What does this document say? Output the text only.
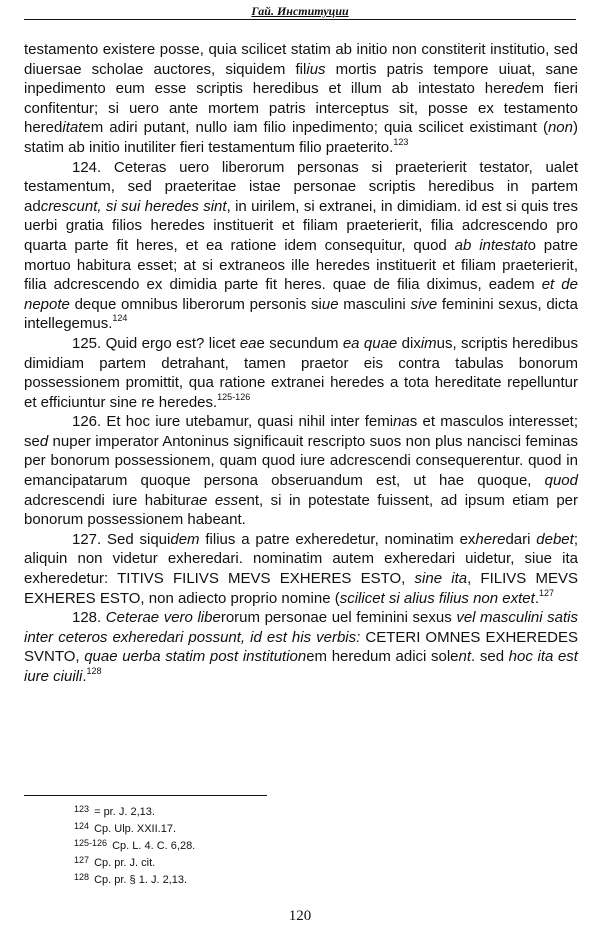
Гай. Институции

testamento existere posse, quia scilicet statim ab initio non constiterit institutio, sed diuersae scholae auctores, siquidem filius mortis patris tempore uiuat, sane inpedimento eum esse scriptis heredibus et illum ab intestato heredem fieri confitentur; si uero ante mortem patris interceptus sit, posse ex testamento hereditatem adiri putant, nullo iam filio inpedimento; quia scilicet existimant (non) statim ab initio inutiliter fieri testamentum filio praeterito.$^{123}$

124. Ceteras uero liberorum personas si praeterierit testator, ualet testamentum, sed praeteritae istae personae scriptis heredibus in partem adcrescunt, si sui heredes sint, in uirilem, si extranei, in dimidiam. id est si quis tres uerbi gratia filios heredes instituerit et filiam praeterierit, filia adcrescendo pro quarta parte fit heres, et ea ratione idem consequitur, quod ab intestato patre mortuo habitura esset; at si extraneos ille heredes instituerit et filiam praeterierit, filia adcrescendo ex dimidia parte fit heres. quae de filia diximus, eadem et de nepote deque omnibus liberorum personis siue masculini sive feminini sexus, dicta intellegemus.$^{124}$

125. Quid ergo est? licet eae secundum ea quae diximus, scriptis heredibus dimidiam partem detrahant, tamen praetor eis contra tabulas bonorum possessionem promittit, qua ratione extranei heredes a tota hereditate repelluntur et efficiuntur sine re heredes.$^{125-126}$

126. Et hoc iure utebamur, quasi nihil inter feminas et masculos interesset; sed nuper imperator Antoninus significauit rescripto suos non plus nancisci feminas per bonorum possessionem, quam quod iure adcrescendi consequerentur. quod in emancipatarum quoque persona obseruandum est, ut hae quoque, quod adcrescendi iure habiturae essent, si in potestate fuissent, ad ipsum etiam per bonorum possessionem habeant.

127. Sed siquidem filius a patre exheredetur, nominatim exheredari debet; aliquin non videtur exheredari. nominatim autem exheredari uidetur, siue ita exheredetur: TITIVS FILIVS MEVS EXHERES ESTO, sine ita, FILIVS MEVS EXHERES ESTO, non adiecto proprio nomine (scilicet si alius filius non extet.$^{127}$

128. Ceterae vero liberorum personae uel feminini sexus vel masculini satis inter ceteros exheredari possunt, id est his verbis: CETERI OMNES EXHEREDES SVNTO, quae uerba statim post institutionem heredum adici solent. sed hoc ita est iure ciuili.$^{128}$

$^{123}$ = pr. J. 2,13.
$^{124}$ Cp. Ulp. XXII.17.
$^{125-126}$ Cp. L. 4. C. 6,28.
$^{127}$ Cp. pr. J. cit.
$^{128}$ Cp. pr. § 1. J. 2,13.
120
